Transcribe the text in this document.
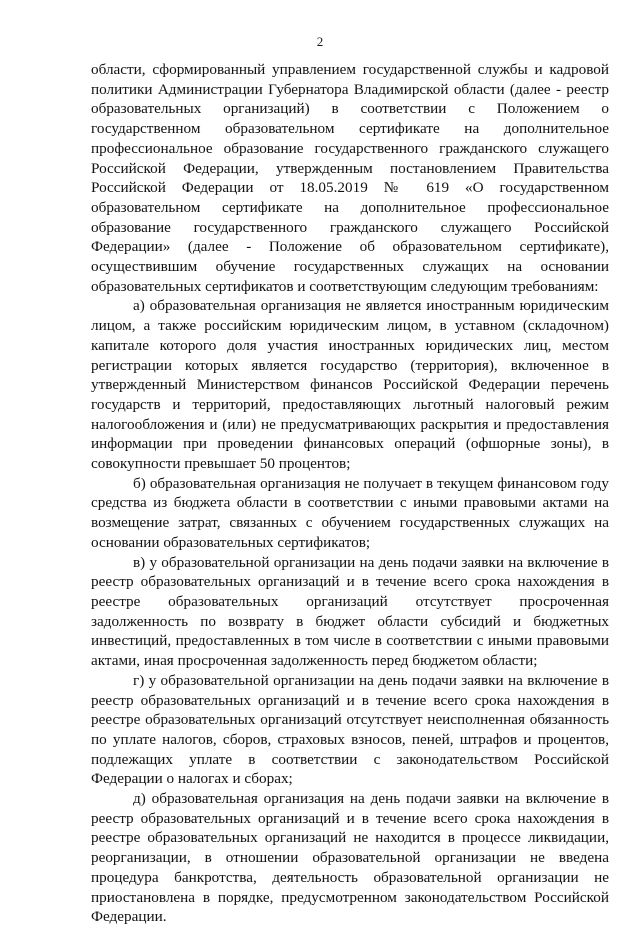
2

области, сформированный управлением государственной службы и кадровой политики Администрации Губернатора Владимирской области (далее - реестр образовательных организаций) в соответствии с Положением о государственном образовательном сертификате на дополнительное профессиональное образование государственного гражданского служащего Российской Федерации, утвержденным постановлением Правительства Российской Федерации от 18.05.2019 № 619 «О государственном образовательном сертификате на дополнительное профессиональное образование государственного гражданского служащего Российской Федерации» (далее - Положение об образовательном сертификате), осуществившим обучение государственных служащих на основании образовательных сертификатов и соответствующим следующим требованиям:

а) образовательная организация не является иностранным юридическим лицом, а также российским юридическим лицом, в уставном (складочном) капитале которого доля участия иностранных юридических лиц, местом регистрации которых является государство (территория), включенное в утвержденный Министерством финансов Российской Федерации перечень государств и территорий, предоставляющих льготный налоговый режим налогообложения и (или) не предусматривающих раскрытия и предоставления информации при проведении финансовых операций (офшорные зоны), в совокупности превышает 50 процентов;

б) образовательная организация не получает в текущем финансовом году средства из бюджета области в соответствии с иными правовыми актами на возмещение затрат, связанных с обучением государственных служащих на основании образовательных сертификатов;

в) у образовательной организации на день подачи заявки на включение в реестр образовательных организаций и в течение всего срока нахождения в реестре образовательных организаций отсутствует просроченная задолженность по возврату в бюджет области субсидий и бюджетных инвестиций, предоставленных в том числе в соответствии с иными правовыми актами, иная просроченная задолженность перед бюджетом области;

г) у образовательной организации на день подачи заявки на включение в реестр образовательных организаций и в течение всего срока нахождения в реестре образовательных организаций отсутствует неисполненная обязанность по уплате налогов, сборов, страховых взносов, пеней, штрафов и процентов, подлежащих уплате в соответствии с законодательством Российской Федерации о налогах и сборах;

д) образовательная организация на день подачи заявки на включение в реестр образовательных организаций и в течение всего срока нахождения в реестре образовательных организаций не находится в процессе ликвидации, реорганизации, в отношении образовательной организации не введена процедура банкротства, деятельность образовательной организации не приостановлена в порядке, предусмотренном законодательством Российской Федерации.
